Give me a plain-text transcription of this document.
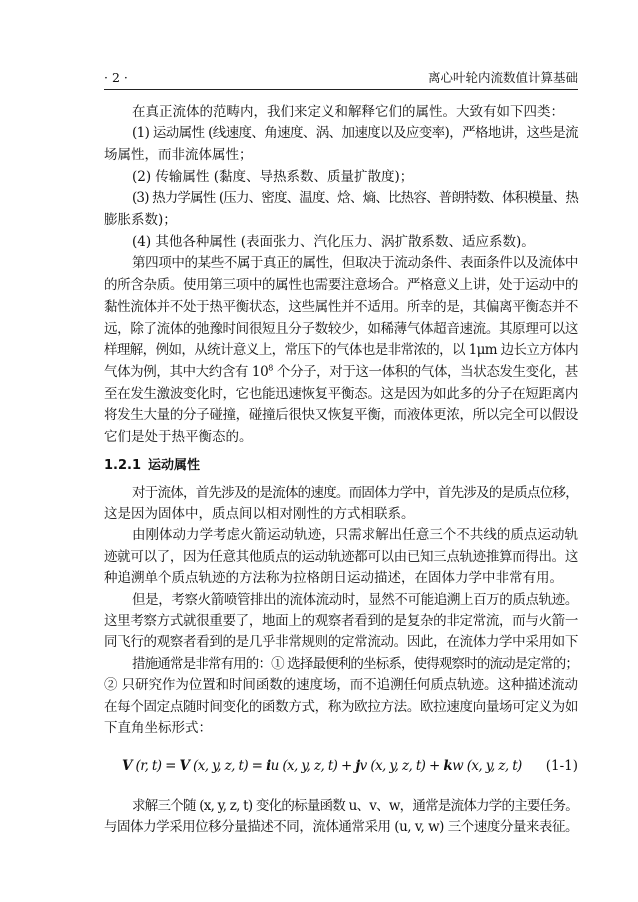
· 2 ·	离心叶轮内流数值计算基础
在真正流体的范畴内，我们来定义和解释它们的属性。大致有如下四类：
(1) 运动属性 (线速度、角速度、涡、加速度以及应变率)，严格地讲，这些是流
场属性，而非流体属性；
(2) 传输属性 (黏度、导热系数、质量扩散度)；
(3) 热力学属性 (压力、密度、温度、焓、熵、比热容、普朗特数、体积模量、热
膨胀系数)；
(4) 其他各种属性 (表面张力、汽化压力、涡扩散系数、适应系数)。
第四项中的某些不属于真正的属性，但取决于流动条件、表面条件以及流体中
的所含杂质。使用第三项中的属性也需要注意场合。严格意义上讲，处于运动中的
黏性流体并不处于热平衡状态，这些属性并不适用。所幸的是，其偏离平衡态并不
远，除了流体的弛豫时间很短且分子数较少，如稀薄气体超音速流。其原理可以这
样理解，例如，从统计意义上，常压下的气体也是非常浓的，以 1μm 边长立方体内
气体为例，其中大约含有 $10^8$ 个分子，对于这一体积的气体，当状态发生变化，甚
至在发生激波变化时，它也能迅速恢复平衡态。这是因为如此多的分子在短距离内
将发生大量的分子碰撞，碰撞后很快又恢复平衡，而液体更浓，所以完全可以假设
它们是处于热平衡态的。
1.2.1 运动属性
对于流体，首先涉及的是流体的速度。而固体力学中，首先涉及的是质点位移，
这是因为固体中，质点间以相对刚性的方式相联系。
由刚体动力学考虑火箭运动轨迹，只需求解出任意三个不共线的质点运动轨
迹就可以了，因为任意其他质点的运动轨迹都可以由已知三点轨迹推算而得出。这
种追溯单个质点轨迹的方法称为拉格朗日运动描述，在固体力学中非常有用。
但是，考察火箭喷管排出的流体流动时，显然不可能追溯上百万的质点轨迹。
这里考察方式就很重要了，地面上的观察者看到的是复杂的非定常流，而与火箭一
同飞行的观察者看到的是几乎非常规则的定常流动。因此，在流体力学中采用如下
措施通常是非常有用的：① 选择最便利的坐标系，使得观察时的流动是定常的；
② 只研究作为位置和时间函数的速度场，而不追溯任何质点轨迹。这种描述流动
在每个固定点随时间变化的函数方式，称为欧拉方法。欧拉速度向量场可定义为如
下直角坐标形式：
求解三个随 (x, y, z, t) 变化的标量函数 u、v、w，通常是流体力学的主要任务。
与固体力学采用位移分量描述不同，流体通常采用 (u, v, w) 三个速度分量来表征。
V (r, t) = V (x, y, z, t) = iu (x, y, z, t) + jv (x, y, z, t) + kw (x, y, z, t) (1-1)
